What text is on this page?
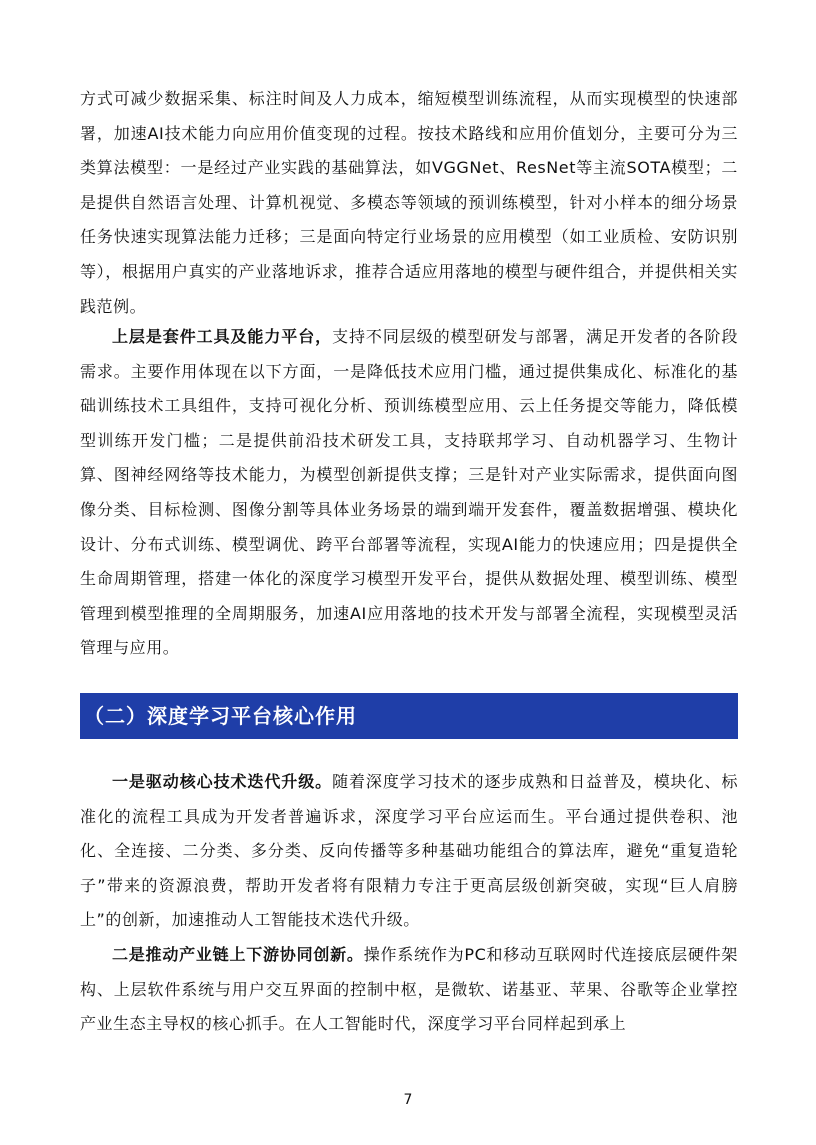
方式可减少数据采集、标注时间及人力成本，缩短模型训练流程，从而实现模型的快速部署，加速AI技术能力向应用价值变现的过程。按技术路线和应用价值划分，主要可分为三类算法模型：一是经过产业实践的基础算法，如VGGNet、ResNet等主流SOTA模型；二是提供自然语言处理、计算机视觉、多模态等领域的预训练模型，针对小样本的细分场景任务快速实现算法能力迁移；三是面向特定行业场景的应用模型（如工业质检、安防识别等），根据用户真实的产业落地诉求，推荐合适应用落地的模型与硬件组合，并提供相关实践范例。

上层是套件工具及能力平台，支持不同层级的模型研发与部署，满足开发者的各阶段需求。主要作用体现在以下方面，一是降低技术应用门槛，通过提供集成化、标准化的基础训练技术工具组件，支持可视化分析、预训练模型应用、云上任务提交等能力，降低模型训练开发门槛；二是提供前沿技术研发工具，支持联邦学习、自动机器学习、生物计算、图神经网络等技术能力，为模型创新提供支撑；三是针对产业实际需求，提供面向图像分类、目标检测、图像分割等具体业务场景的端到端开发套件，覆盖数据增强、模块化设计、分布式训练、模型调优、跨平台部署等流程，实现AI能力的快速应用；四是提供全生命周期管理，搭建一体化的深度学习模型开发平台，提供从数据处理、模型训练、模型管理到模型推理的全周期服务，加速AI应用落地的技术开发与部署全流程，实现模型灵活管理与应用。

（二）深度学习平台核心作用

一是驱动核心技术迭代升级。随着深度学习技术的逐步成熟和日益普及，模块化、标准化的流程工具成为开发者普遍诉求，深度学习平台应运而生。平台通过提供卷积、池化、全连接、二分类、多分类、反向传播等多种基础功能组合的算法库，避免“重复造轮子”带来的资源浪费，帮助开发者将有限精力专注于更高层级创新突破，实现“巨人肩膀上”的创新，加速推动人工智能技术迭代升级。

二是推动产业链上下游协同创新。操作系统作为PC和移动互联网时代连接底层硬件架构、上层软件系统与用户交互界面的控制中枢，是微软、诺基亚、苹果、谷歌等企业掌控产业生态主导权的核心抓手。在人工智能时代，深度学习平台同样起到承上

7
